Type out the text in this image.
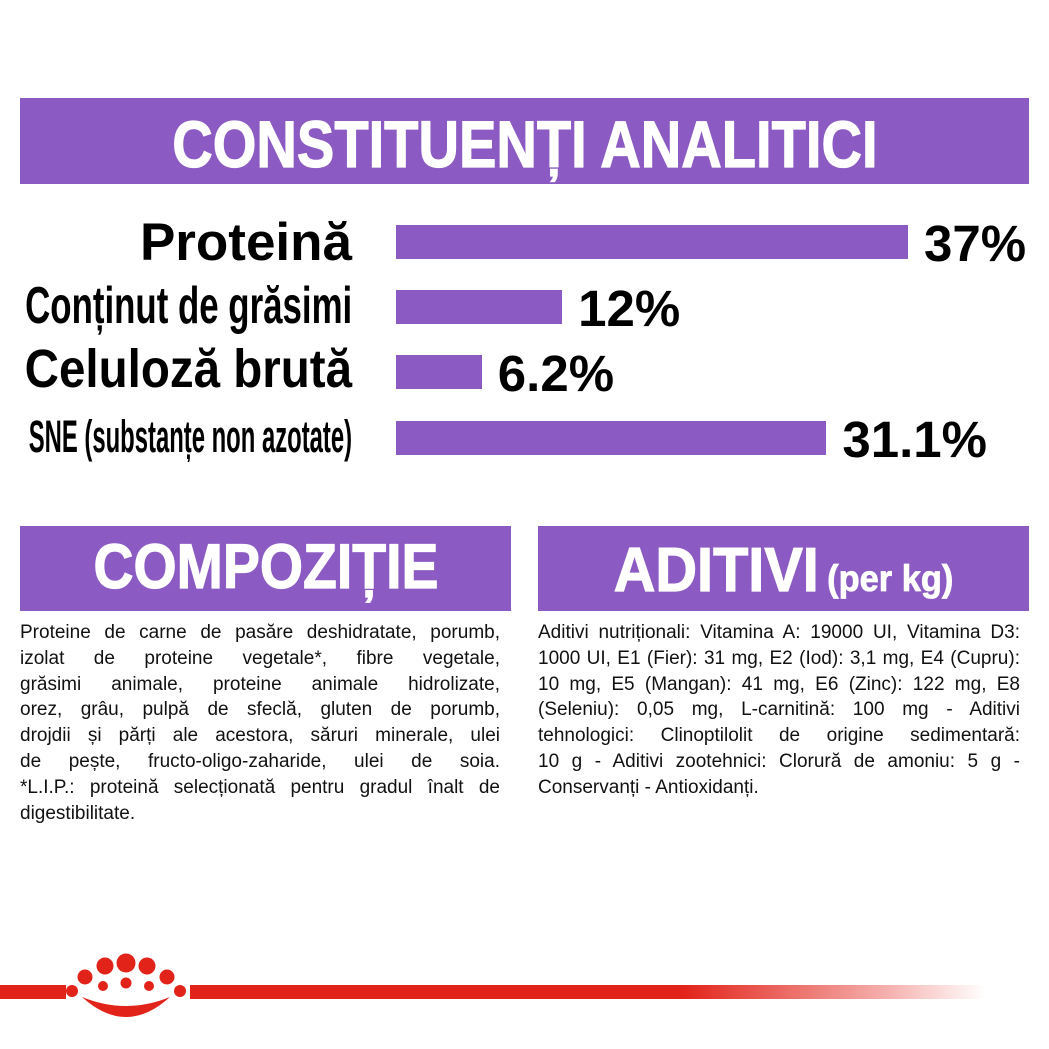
CONSTITUENȚI ANALITICI
Proteină
Conținut de grăsimi
Celuloză brută
SNE (substanțe non azotate)
37%
12%
6.2%
31.1%
COMPOZIȚIE
Proteine de carne de pasăre deshidratate, porumb,
izolat de proteine vegetale*, fibre vegetale,
grăsimi animale, proteine animale hidrolizate,
orez, grâu, pulpă de sfeclă, gluten de porumb,
drojdii și părți ale acestora, săruri minerale, ulei
de pește, fructo-oligo-zaharide, ulei de soia.
*L.I.P.: proteină selecționată pentru gradul înalt de
digestibilitate.
ADITIVI (per kg)
Aditivi nutriționali: Vitamina A: 19000 UI, Vitamina D3:
1000 UI, E1 (Fier): 31 mg, E2 (Iod): 3,1 mg, E4 (Cupru):
10 mg, E5 (Mangan): 41 mg, E6 (Zinc): 122 mg, E8
(Seleniu): 0,05 mg, L-carnitină: 100 mg - Aditivi
tehnologici: Clinoptilolit de origine sedimentară:
10 g - Aditivi zootehnici: Clorură de amoniu: 5 g -
Conservanți - Antioxidanți.
